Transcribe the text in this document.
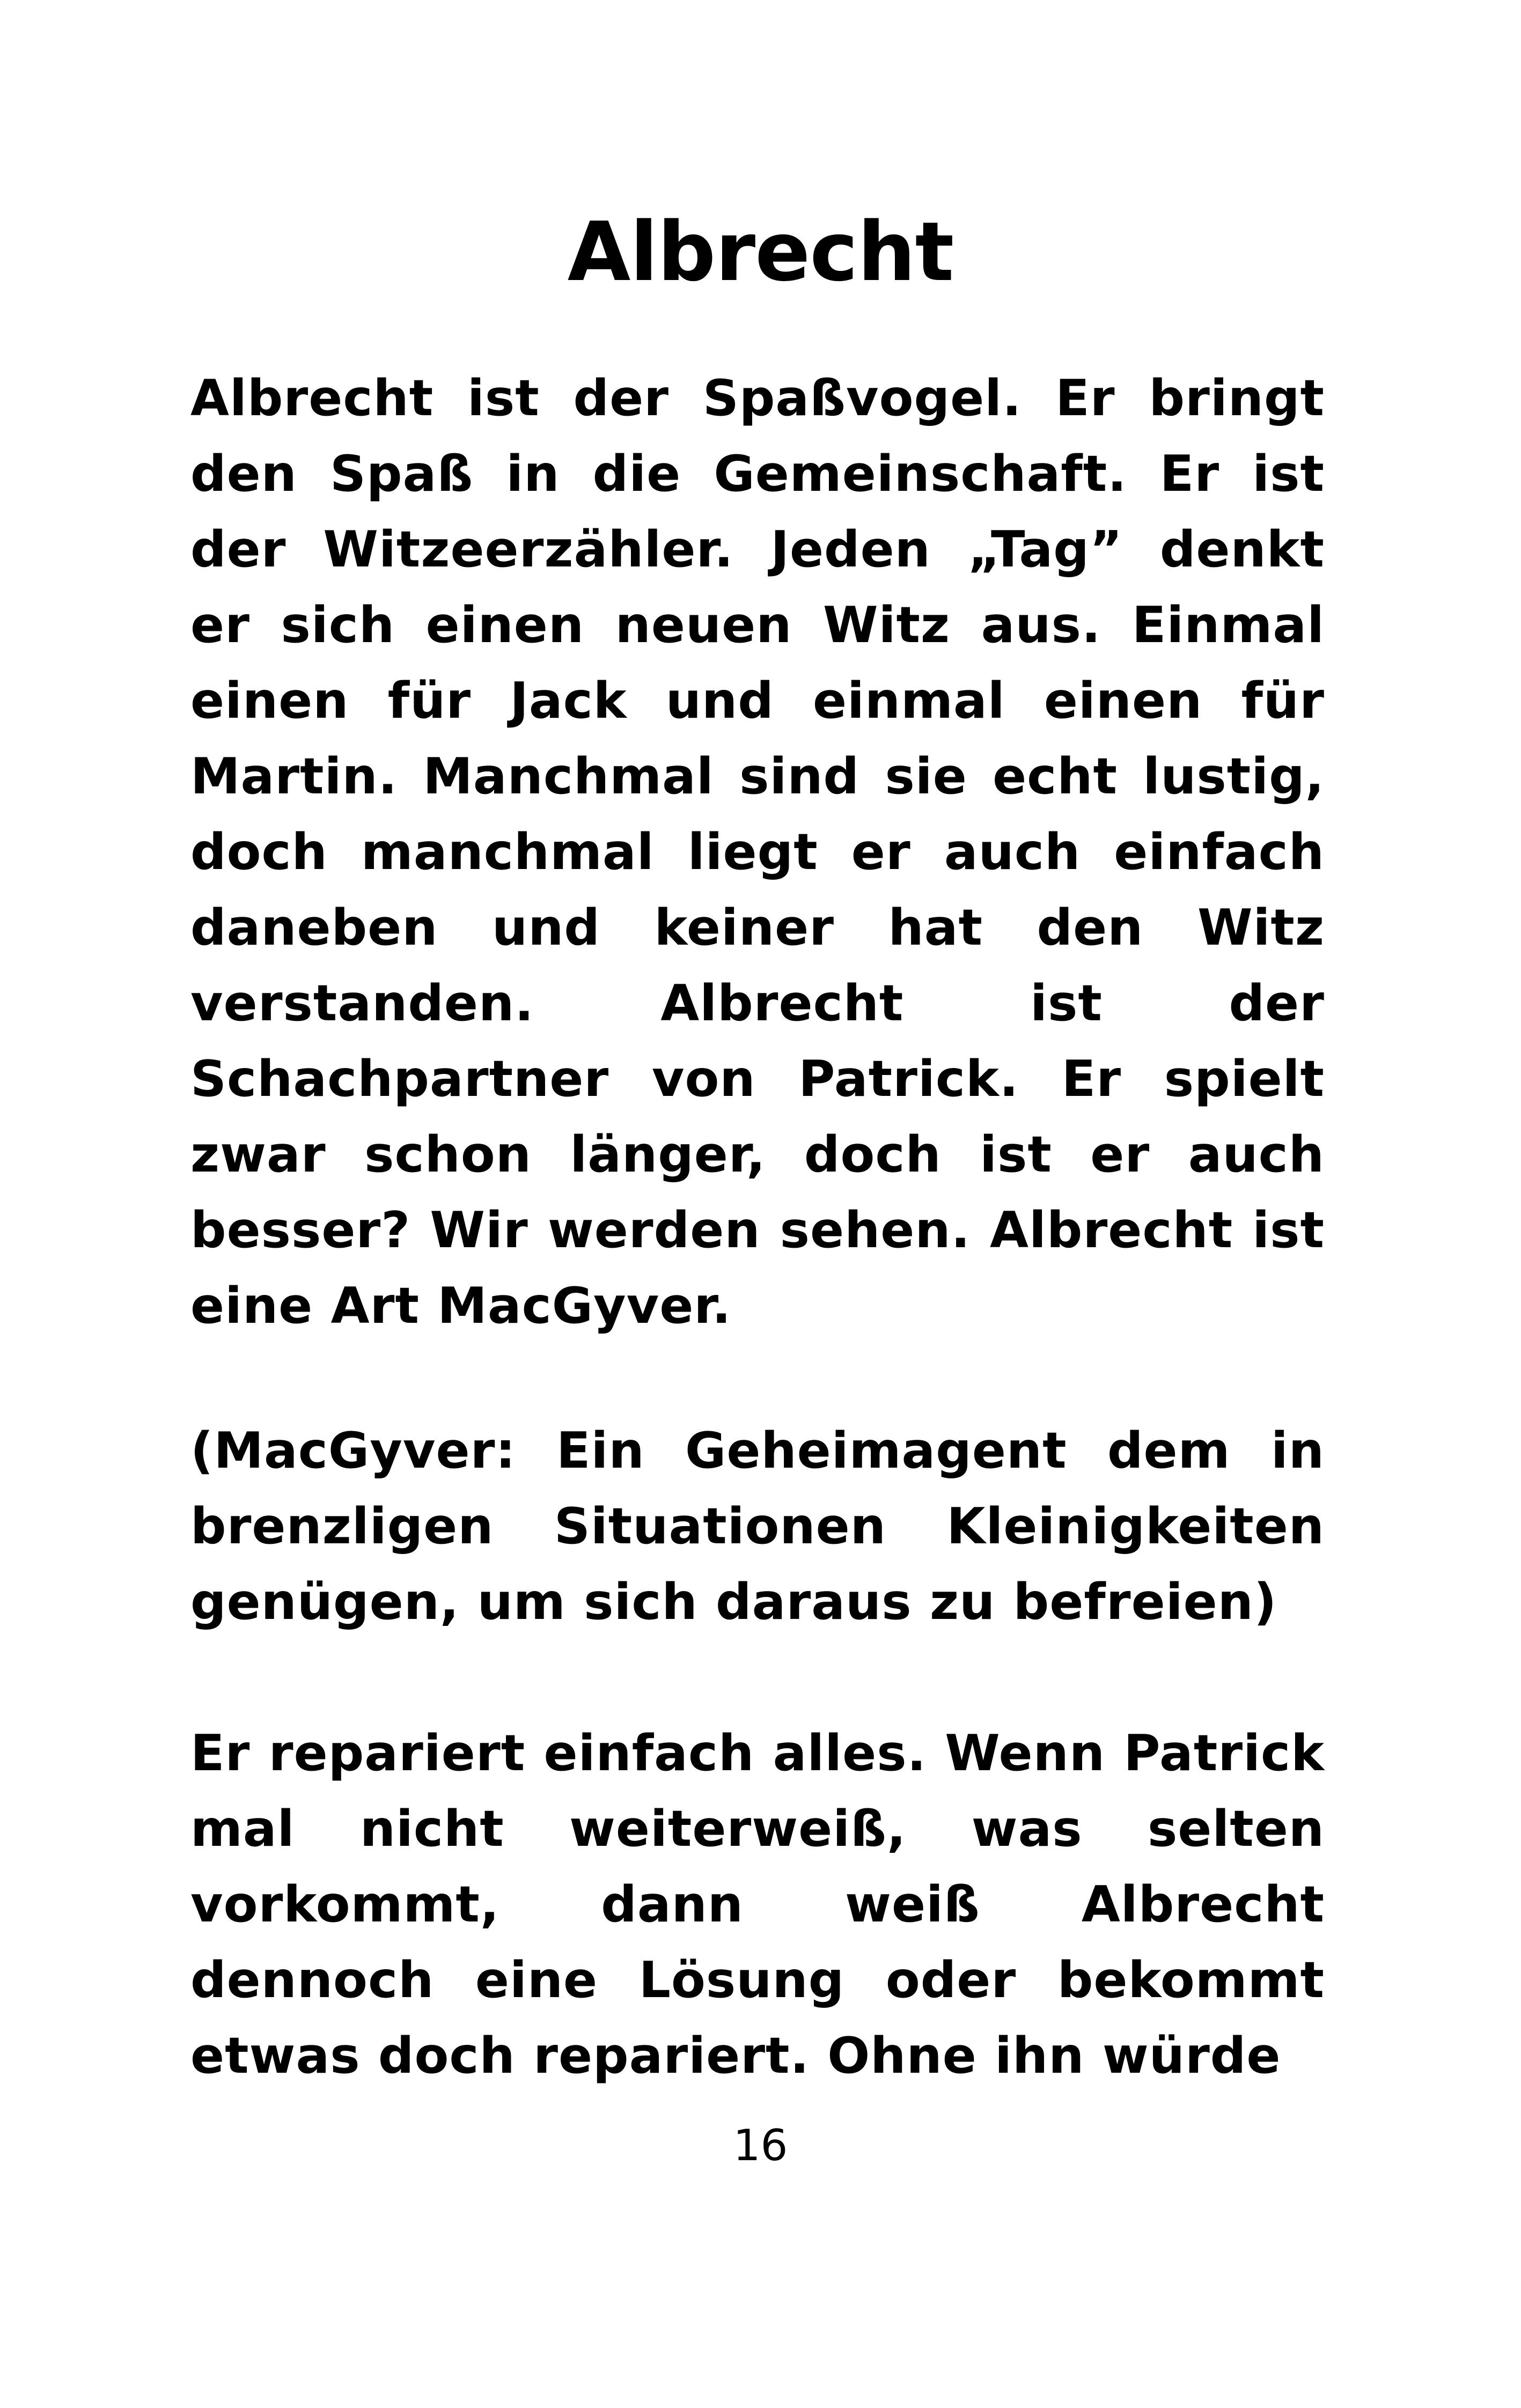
Albrecht

Albrecht ist der Spaßvogel. Er bringt den Spaß in die Gemeinschaft. Er ist der Witzeerzähler. Jeden „Tag” denkt er sich einen neuen Witz aus. Einmal einen für Jack und einmal einen für Martin. Manchmal sind sie echt lustig, doch manchmal liegt er auch einfach daneben und keiner hat den Witz verstanden. Albrecht ist der Schachpartner von Patrick. Er spielt zwar schon länger, doch ist er auch besser? Wir werden sehen. Albrecht ist eine Art MacGyver.

(MacGyver: Ein Geheimagent dem in brenzligen Situationen Kleinigkeiten genügen, um sich daraus zu befreien)

Er repariert einfach alles. Wenn Patrick mal nicht weiterweiß, was selten vorkommt, dann weiß Albrecht dennoch eine Lösung oder bekommt etwas doch repariert. Ohne ihn würde

16
